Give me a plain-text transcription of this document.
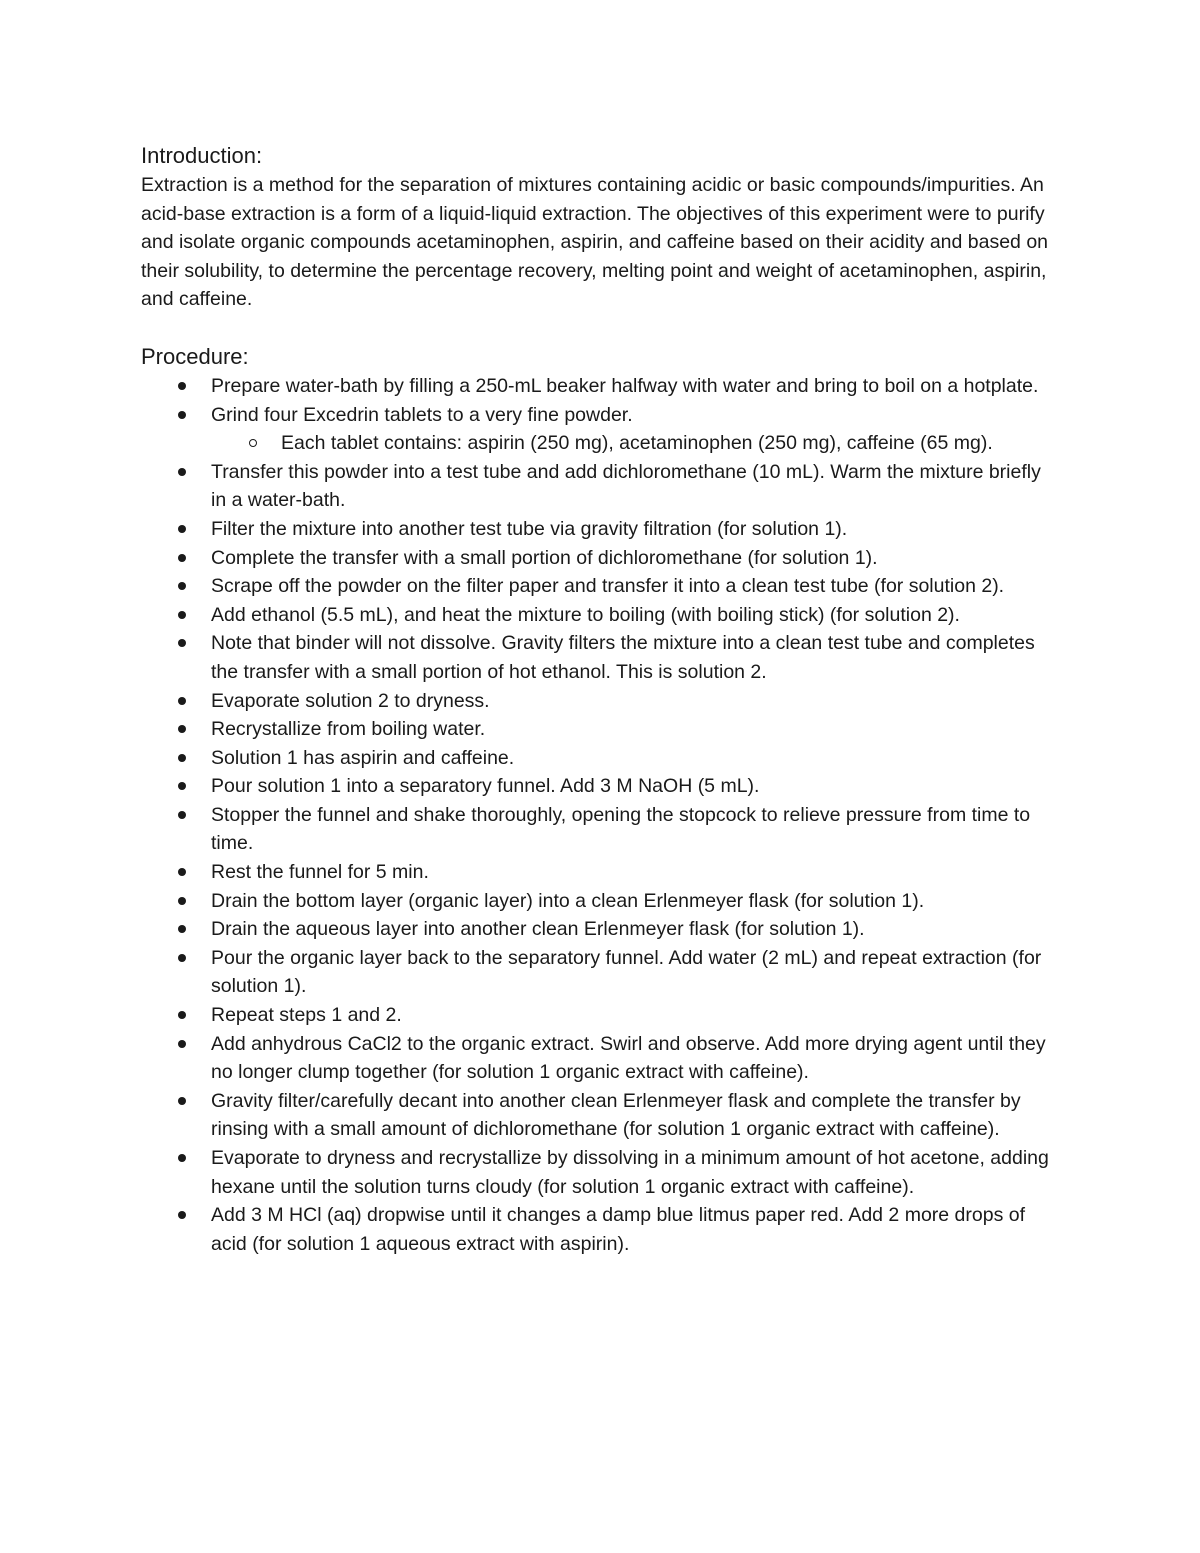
Introduction:

Extraction is a method for the separation of mixtures containing acidic or basic compounds/impurities. An acid-base extraction is a form of a liquid-liquid extraction. The objectives of this experiment were to purify and isolate organic compounds acetaminophen, aspirin, and caffeine based on their acidity and based on their solubility, to determine the percentage recovery, melting point and weight of acetaminophen, aspirin, and caffeine.

Procedure:
Prepare water-bath by filling a 250-mL beaker halfway with water and bring to boil on a hotplate.
Grind four Excedrin tablets to a very fine powder.
Each tablet contains: aspirin (250 mg), acetaminophen (250 mg), caffeine (65 mg).
Transfer this powder into a test tube and add dichloromethane (10 mL). Warm the mixture briefly in a water-bath.
Filter the mixture into another test tube via gravity filtration (for solution 1).
Complete the transfer with a small portion of dichloromethane (for solution 1).
Scrape off the powder on the filter paper and transfer it into a clean test tube (for solution 2).
Add ethanol (5.5 mL), and heat the mixture to boiling (with boiling stick) (for solution 2).
Note that binder will not dissolve. Gravity filters the mixture into a clean test tube and completes the transfer with a small portion of hot ethanol. This is solution 2.
Evaporate solution 2 to dryness.
Recrystallize from boiling water.
Solution 1 has aspirin and caffeine.
Pour solution 1 into a separatory funnel. Add 3 M NaOH (5 mL).
Stopper the funnel and shake thoroughly, opening the stopcock to relieve pressure from time to time.
Rest the funnel for 5 min.
Drain the bottom layer (organic layer) into a clean Erlenmeyer flask (for solution 1).
Drain the aqueous layer into another clean Erlenmeyer flask (for solution 1).
Pour the organic layer back to the separatory funnel. Add water (2 mL) and repeat extraction (for solution 1).
Repeat steps 1 and 2.
Add anhydrous CaCl2 to the organic extract. Swirl and observe. Add more drying agent until they no longer clump together (for solution 1 organic extract with caffeine).
Gravity filter/carefully decant into another clean Erlenmeyer flask and complete the transfer by rinsing with a small amount of dichloromethane (for solution 1 organic extract with caffeine).
Evaporate to dryness and recrystallize by dissolving in a minimum amount of hot acetone, adding hexane until the solution turns cloudy (for solution 1 organic extract with caffeine).
Add 3 M HCl (aq) dropwise until it changes a damp blue litmus paper red. Add 2 more drops of acid (for solution 1 aqueous extract with aspirin).
